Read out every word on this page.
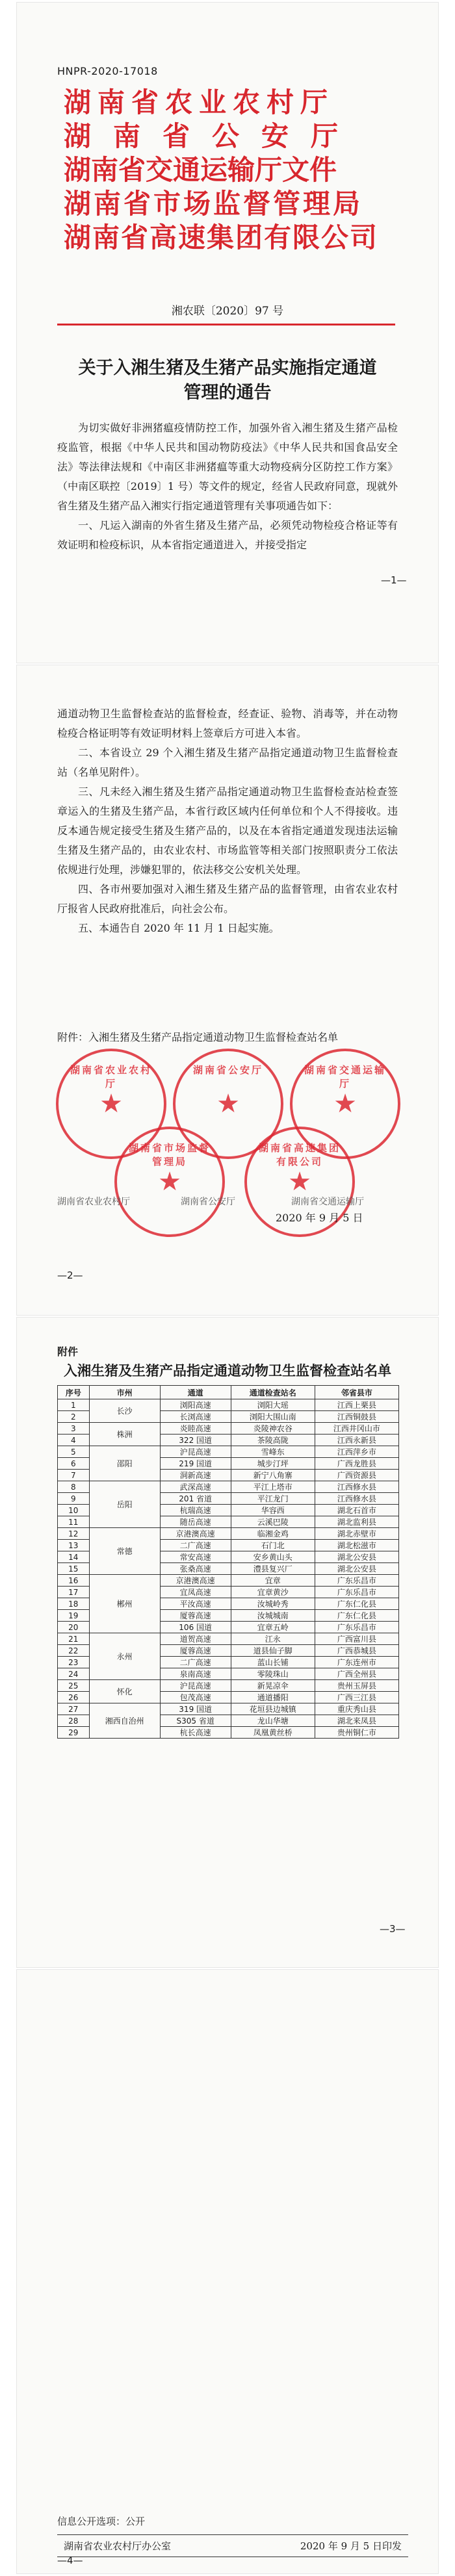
HNPR-2020-17018
湖南省农业农村厅
湖南省公安厅
湖南省交通运输厅文件
湖南省市场监督管理局
湖南省高速集团有限公司
湘农联〔2020〕97 号
关于入湘生猪及生猪产品实施指定通道
管理的通告

为切实做好非洲猪瘟疫情防控工作，加强外省入湘生猪及生猪产品检疫监管，根据《中华人民共和国动物防疫法》《中华人民共和国食品安全法》等法律法规和《中南区非洲猪瘟等重大动物疫病分区防控工作方案》（中南区联控〔2019〕1 号）等文件的规定，经省人民政府同意，现就外省生猪及生猪产品入湘实行指定通道管理有关事项通告如下：

一、凡运入湖南的外省生猪及生猪产品，必须凭动物检疫合格证等有效证明和检疫标识，从本省指定通道进入，并接受指定

—1—

通道动物卫生监督检查站的监督检查，经查证、验物、消毒等，并在动物检疫合格证明等有效证明材料上签章后方可进入本省。

二、本省设立 29 个入湘生猪及生猪产品指定通道动物卫生监督检查站（名单见附件）。

三、凡未经入湘生猪及生猪产品指定通道动物卫生监督检查站检查签章运入的生猪及生猪产品，本省行政区域内任何单位和个人不得接收。违反本通告规定接受生猪及生猪产品的，以及在本省指定通道发现违法运输生猪及生猪产品的，由农业农村、市场监管等相关部门按照职责分工依法依规进行处理，涉嫌犯罪的，依法移交公安机关处理。

四、各市州要加强对入湘生猪及生猪产品的监督管理，由省农业农村厅报省人民政府批准后，向社会公布。

五、本通告自 2020 年 11 月 1 日起实施。

附件：入湘生猪及生猪产品指定通道动物卫生监督检查站名单
湖南省农业农村厅
★
湖南省公安厅
★
湖南省交通运输厅
★
湖南省市场监督管理局
★
湖南省高速集团有限公司
★
湖南省农业农村厅	湖南省公安厅	湖南省交通运输厅
2020 年 9 月 5 日
—2—
附件
入湘生猪及生猪产品指定通道动物卫生监督检查站名单
序号	市州	通道	通道检查站名	邻省县市
1	长沙	浏阳高速	浏阳大瑶	江西上栗县
2		长浏高速	浏阳大围山南	江西铜鼓县
3	株洲	炎睦高速	炎陵神农谷	江西井冈山市
4		322 国道	茶陵高陇	江西永新县
5	邵阳	沪昆高速	雪峰东	江西萍乡市
6		219 国道	城步汀坪	广西龙胜县
7		洞新高速	新宁八角寨	广西资源县
8	岳阳	武深高速	平江上塔市	江西修水县
9		201 省道	平江龙门	江西修水县
10		杭瑞高速	华容西	湖北石首市
11		随岳高速	云溪巴陵	湖北监利县
12	常德	京港澳高速	临湘金鸡	湖北赤壁市
13		二广高速	石门北	湖北松滋市
14		常安高速	安乡黄山头	湖北公安县
15		张桑高速	澧县复兴厂	湖北公安县
16	郴州	京港澳高速	宜章	广东乐昌市
17		宜凤高速	宜章黄沙	广东乐昌市
18		平汝高速	汝城岭秀	广东仁化县
19		厦蓉高速	汝城城南	广东仁化县
20		106 国道	宜章五岭	广东乐昌市
21	永州	道贺高速	江永	广西富川县
22		厦蓉高速	道县仙子脚	广西恭城县
23		二广高速	蓝山长铺	广东连州市
24		泉南高速	零陵珠山	广西全州县
25	怀化	沪昆高速	新晃凉伞	贵州玉屏县
26		包茂高速	通道播阳	广西三江县
27	湘西自治州	319 国道	花垣县边城镇	重庆秀山县
28		S305 省道	龙山华塘	湖北来凤县
29		杭长高速	凤凰黄丝桥	贵州铜仁市
—3—
信息公开选项：公开
湖南省农业农村厅办公室	2020 年 9 月 5 日印发
—4—
